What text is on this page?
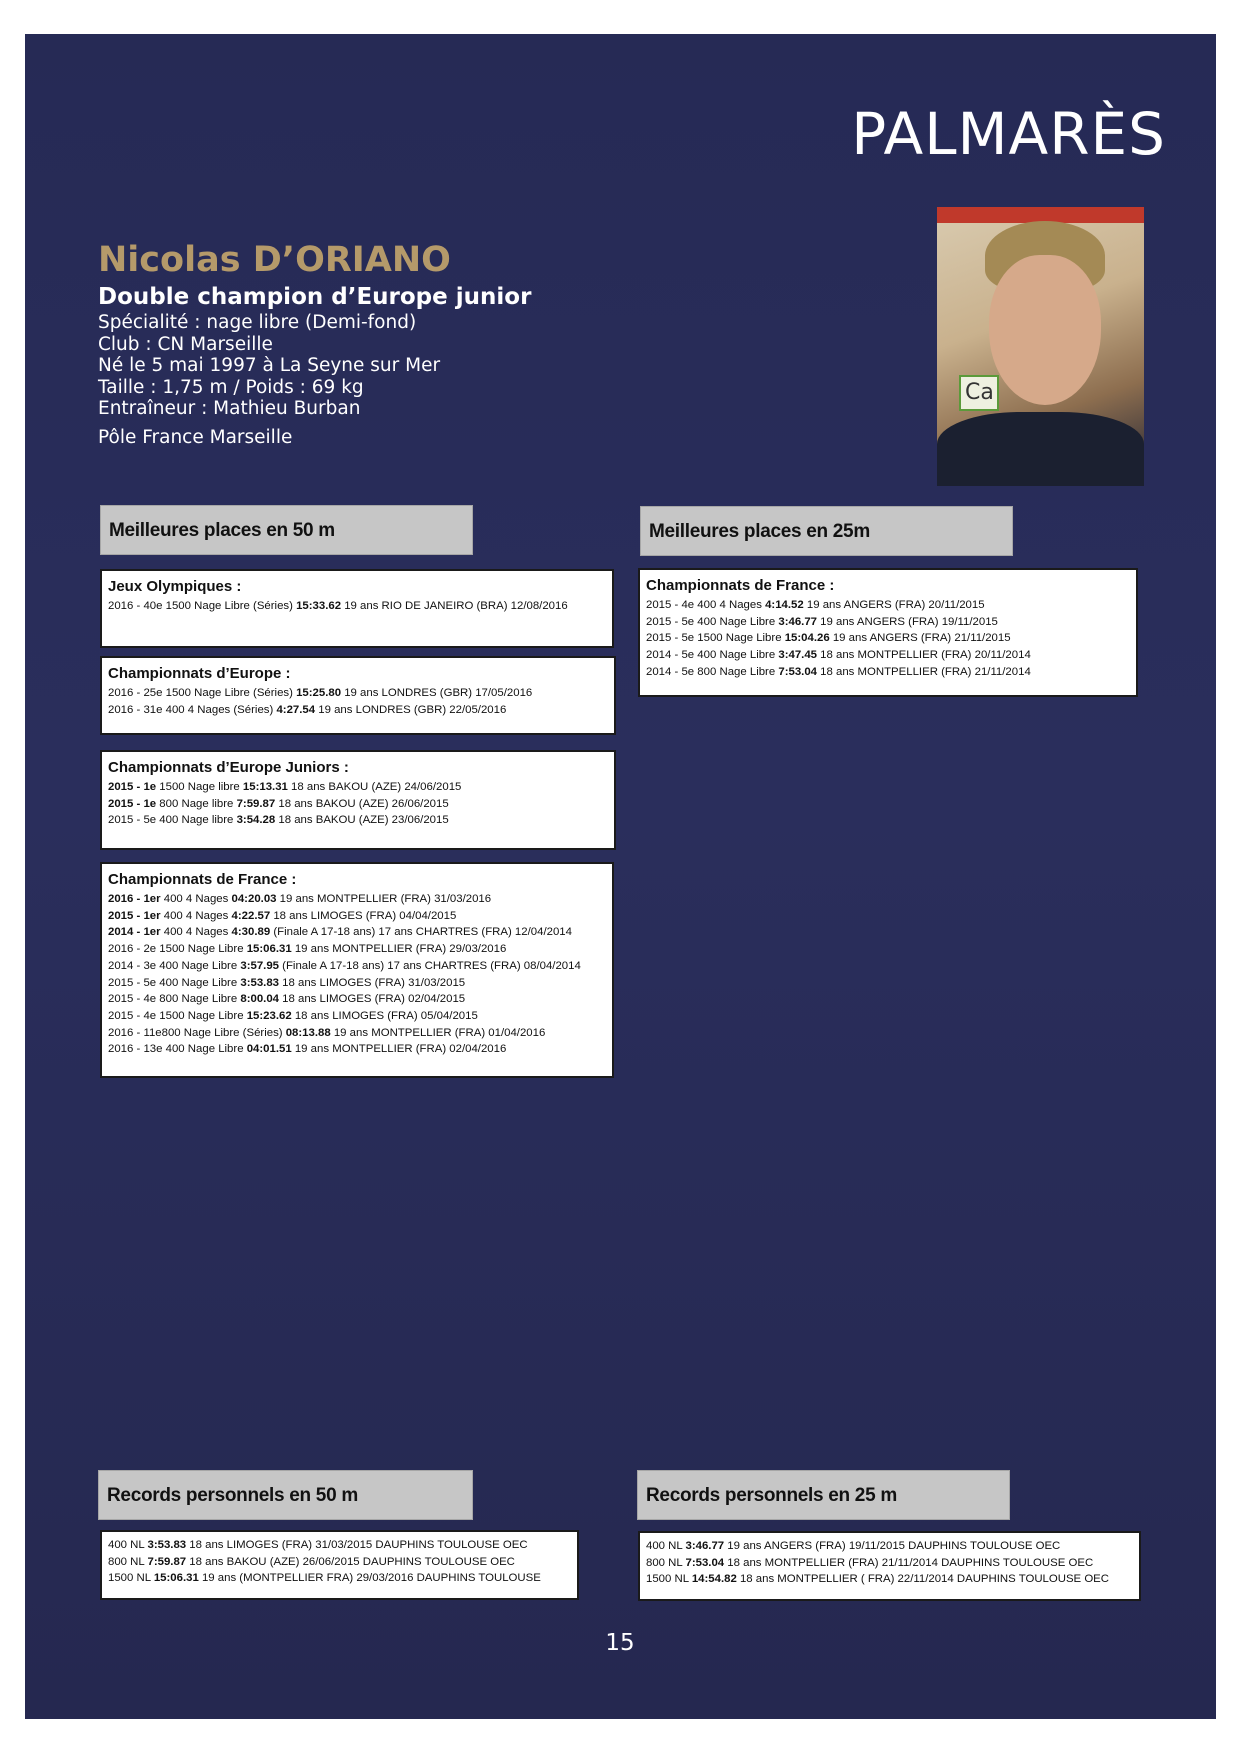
PALMARÈS
Ca
Nicolas D’ORIANO
Double champion d’Europe junior
Spécialité : nage libre (Demi-fond)
Club : CN Marseille
Né le 5 mai 1997 à La Seyne sur Mer
Taille : 1,75 m / Poids : 69 kg
Entraîneur : Mathieu Burban
Pôle France Marseille
Meilleures places en 50 m	Meilleures places en 25m
Jeux Olympiques :
2016 - 40e 1500 Nage Libre (Séries) 15:33.62 19 ans RIO DE JANEIRO (BRA) 12/08/2016
Championnats d’Europe :
2016 - 25e 1500 Nage Libre (Séries) 15:25.80 19 ans LONDRES (GBR) 17/05/2016
2016 - 31e 400 4 Nages (Séries) 4:27.54 19 ans LONDRES (GBR) 22/05/2016
Championnats d’Europe Juniors :
2015 - 1e 1500 Nage libre 15:13.31 18 ans BAKOU (AZE) 24/06/2015
2015 - 1e 800 Nage libre 7:59.87 18 ans BAKOU (AZE) 26/06/2015
2015 - 5e 400 Nage libre 3:54.28 18 ans BAKOU (AZE) 23/06/2015
Championnats de France :
2016 - 1er 400 4 Nages 04:20.03 19 ans MONTPELLIER (FRA) 31/03/2016
2015 - 1er 400 4 Nages 4:22.57 18 ans LIMOGES (FRA) 04/04/2015
2014 - 1er 400 4 Nages 4:30.89 (Finale A 17-18 ans) 17 ans CHARTRES (FRA) 12/04/2014
2016 - 2e 1500 Nage Libre 15:06.31 19 ans MONTPELLIER (FRA) 29/03/2016
2014 - 3e 400 Nage Libre 3:57.95 (Finale A 17-18 ans) 17 ans CHARTRES (FRA) 08/04/2014
2015 - 5e 400 Nage Libre 3:53.83 18 ans LIMOGES (FRA) 31/03/2015
2015 - 4e 800 Nage Libre 8:00.04 18 ans LIMOGES (FRA) 02/04/2015
2015 - 4e 1500 Nage Libre 15:23.62 18 ans LIMOGES (FRA) 05/04/2015
2016 - 11e800 Nage Libre (Séries) 08:13.88 19 ans MONTPELLIER (FRA) 01/04/2016
2016 - 13e 400 Nage Libre 04:01.51 19 ans MONTPELLIER (FRA) 02/04/2016
Championnats de France :
2015 - 4e 400 4 Nages 4:14.52 19 ans ANGERS (FRA) 20/11/2015
2015 - 5e 400 Nage Libre 3:46.77 19 ans ANGERS (FRA) 19/11/2015
2015 - 5e 1500 Nage Libre 15:04.26 19 ans ANGERS (FRA) 21/11/2015
2014 - 5e 400 Nage Libre 3:47.45 18 ans MONTPELLIER (FRA) 20/11/2014
2014 - 5e 800 Nage Libre 7:53.04 18 ans MONTPELLIER (FRA) 21/11/2014
Records personnels en 50 m	Records personnels en 25 m
400 NL 3:53.83 18 ans LIMOGES (FRA) 31/03/2015 DAUPHINS TOULOUSE OEC
800 NL 7:59.87 18 ans BAKOU (AZE) 26/06/2015 DAUPHINS TOULOUSE OEC
1500 NL 15:06.31 19 ans (MONTPELLIER FRA) 29/03/2016 DAUPHINS TOULOUSE
400 NL 3:46.77 19 ans ANGERS (FRA) 19/11/2015 DAUPHINS TOULOUSE OEC
800 NL 7:53.04 18 ans MONTPELLIER (FRA) 21/11/2014 DAUPHINS TOULOUSE OEC
1500 NL 14:54.82 18 ans MONTPELLIER ( FRA) 22/11/2014 DAUPHINS TOULOUSE OEC
15
